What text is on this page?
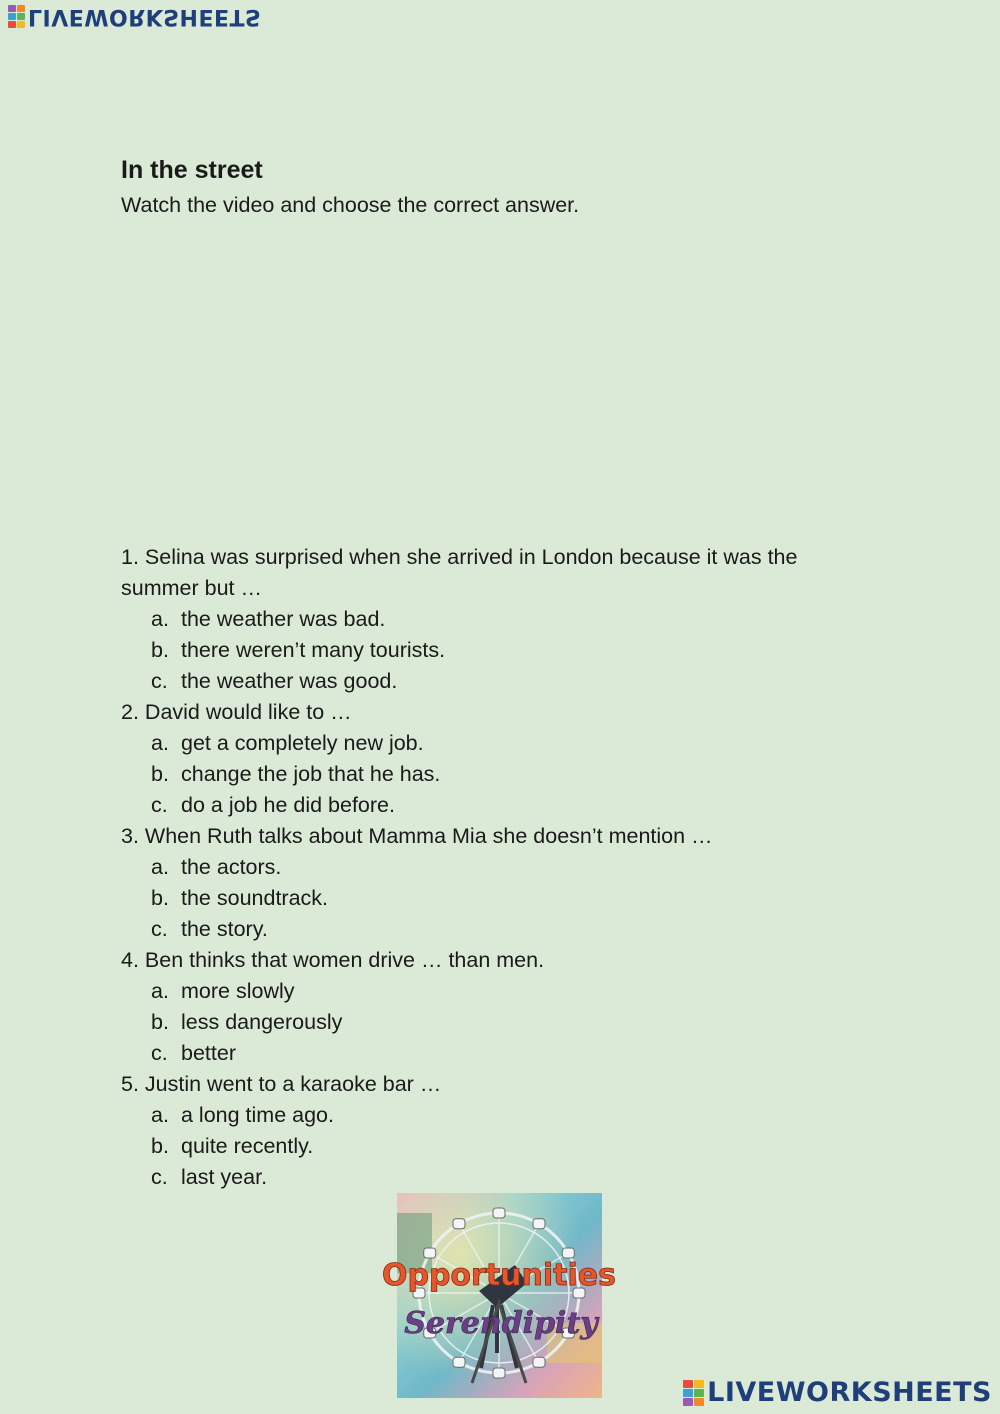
LIVEWORKSHEETS
In the street

Watch the video and choose the correct answer.

1. Selina was surprised when she arrived in London because it was the summer but …
a. the weather was bad.
b. there weren’t many tourists.
c. the weather was good.
2. David would like to …
a. get a completely new job.
b. change the job that he has.
c. do a job he did before.
3. When Ruth talks about Mamma Mia she doesn’t mention …
a. the actors.
b. the soundtrack.
c. the story.
4. Ben thinks that women drive … than men.
a. more slowly
b. less dangerously
c. better
5. Justin went to a karaoke bar …
a. a long time ago.
b. quite recently.
c. last year.
Opportunities
Serendipity
LIVEWORKSHEETS
